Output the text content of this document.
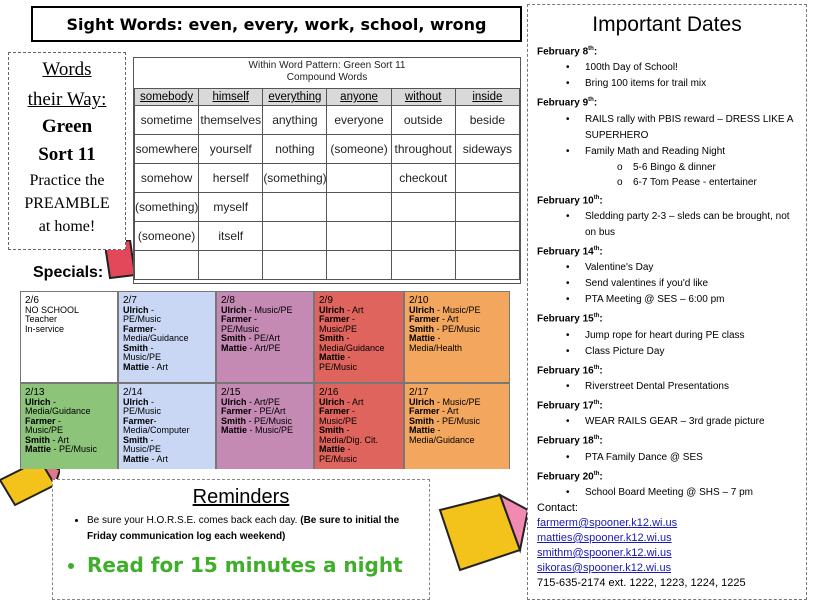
Sight Words: even, every, work, school, wrong
Words
their Way:
Green
Sort 11
Practice the
PREAMBLE
at home!
Within Word Pattern: Green Sort 11
Compound Words
somebody	himself	everything	anyone	without	inside
sometime	themselves	anything	everyone	outside	beside
somewhere	yourself	nothing	(someone)	throughout	sideways
somehow	herself	(something)		checkout	
(something)	myself				
(someone)	itself				

Specials:
2/6
NO SCHOOL
Teacher
In-service
2/7
Ulrich -
PE/Music
Farmer-
Media/Guidance
Smith -
Music/PE
Mattie - Art
2/8
Ulrich - Music/PE
Farmer -
PE/Music
Smith - PE/Art
Mattie - Art/PE
2/9
Ulrich - Art
Farmer -
Music/PE
Smith -
Media/Guidance
Mattie -
PE/Music
2/10
Ulrich - Music/PE
Farmer - Art
Smith - PE/Music
Mattie -
Media/Health
2/13
Ulrich -
Media/Guidance
Farmer -
Music/PE
Smith - Art
Mattie - PE/Music
2/14
Ulrich -
PE/Music
Farmer-
Media/Computer
Smith -
Music/PE
Mattie - Art
2/15
Ulrich - Art/PE
Farmer - PE/Art
Smith - PE/Music
Mattie - Music/PE
2/16
Ulrich - Art
Farmer -
Music/PE
Smith -
Media/Dig. Cit.
Mattie -
PE/Music
2/17
Ulrich - Music/PE
Farmer - Art
Smith - PE/Music
Mattie -
Media/Guidance
Reminders
• Be sure your H.O.R.S.E. comes back each day. (Be sure to initial the Friday communication log each weekend)
• Read for 15 minutes a night
Important Dates
February 8th:
• 100th Day of School!
• Bring 100 items for trail mix
February 9th:
• RAILS rally with PBIS reward – DRESS LIKE A SUPERHERO
• Family Math and Reading Night
o 5-6 Bingo & dinner
o 6-7 Tom Pease - entertainer
February 10th:
• Sledding party 2-3 – sleds can be brought, not on bus
February 14th:
• Valentine's Day
• Send valentines if you'd like
• PTA Meeting @ SES – 6:00 pm
February 15th:
• Jump rope for heart during PE class
• Class Picture Day
February 16th:
• Riverstreet Dental Presentations
February 17th:
• WEAR RAILS GEAR – 3rd grade picture
February 18th:
• PTA Family Dance @ SES
February 20th:
• School Board Meeting @ SHS – 7 pm
Contact:
farmerm@spooner.k12.wi.us
matties@spooner.k12.wi.us
smithm@spooner.k12.wi.us
sikoras@spooner.k12.wi.us
715-635-2174 ext. 1222, 1223, 1224, 1225
